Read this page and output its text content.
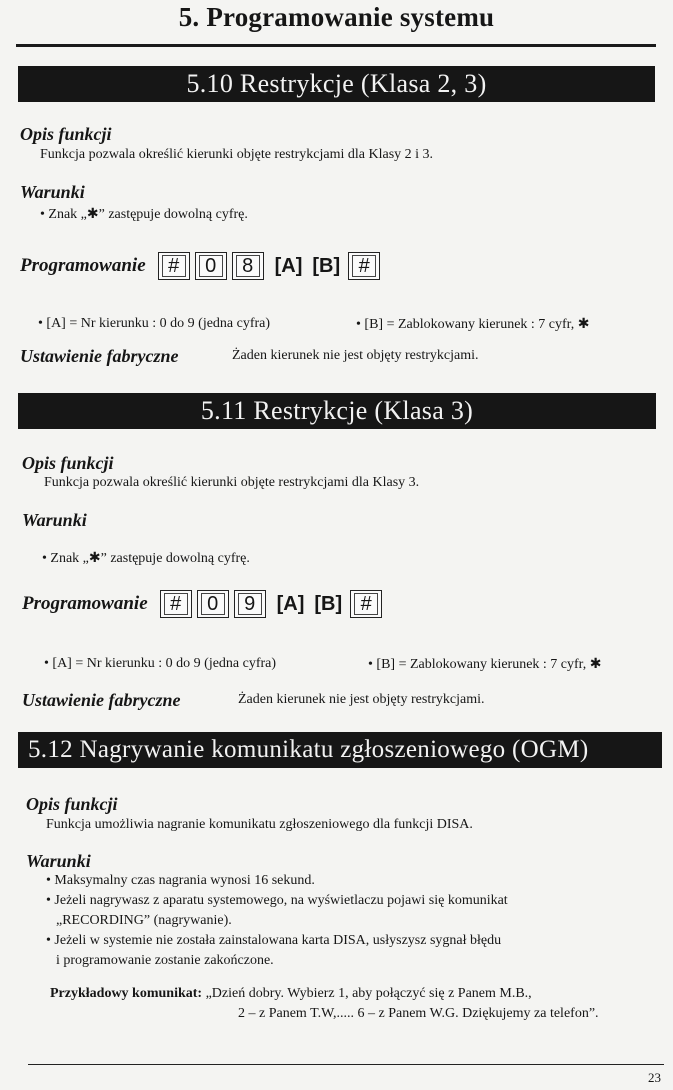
5. Programowanie systemu
5.10 Restrykcje (Klasa 2, 3)
Opis funkcji
Funkcja pozwala określić kierunki objęte restrykcjami dla Klasy 2 i 3.
Warunki
• Znak „✱” zastępuje dowolną cyfrę.
Programowanie	#	0	8	[A] [B] #
• [A] = Nr kierunku : 0 do 9 (jedna cyfra)	• [B] = Zablokowany kierunek : 7 cyfr, ✱
Ustawienie fabryczne	Żaden kierunek nie jest objęty restrykcjami.
5.11 Restrykcje (Klasa 3)
Opis funkcji
Funkcja pozwala określić kierunki objęte restrykcjami dla Klasy 3.
Warunki
• Znak „✱” zastępuje dowolną cyfrę.
Programowanie	#	0	9	[A] [B] #
• [A] = Nr kierunku : 0 do 9 (jedna cyfra)	• [B] = Zablokowany kierunek : 7 cyfr, ✱
Ustawienie fabryczne	Żaden kierunek nie jest objęty restrykcjami.
5.12 Nagrywanie komunikatu zgłoszeniowego (OGM)
Opis funkcji
Funkcja umożliwia nagranie komunikatu zgłoszeniowego dla funkcji DISA.
Warunki
• Maksymalny czas nagrania wynosi 16 sekund.
• Jeżeli nagrywasz z aparatu systemowego, na wyświetlaczu pojawi się komunikat
„RECORDING” (nagrywanie).
• Jeżeli w systemie nie została zainstalowana karta DISA, usłyszysz sygnał błędu
i programowanie zostanie zakończone.
Przykładowy komunikat: „Dzień dobry. Wybierz 1, aby połączyć się z Panem M.B.,
2 – z Panem T.W,..... 6 – z Panem W.G. Dziękujemy za telefon”.
23
